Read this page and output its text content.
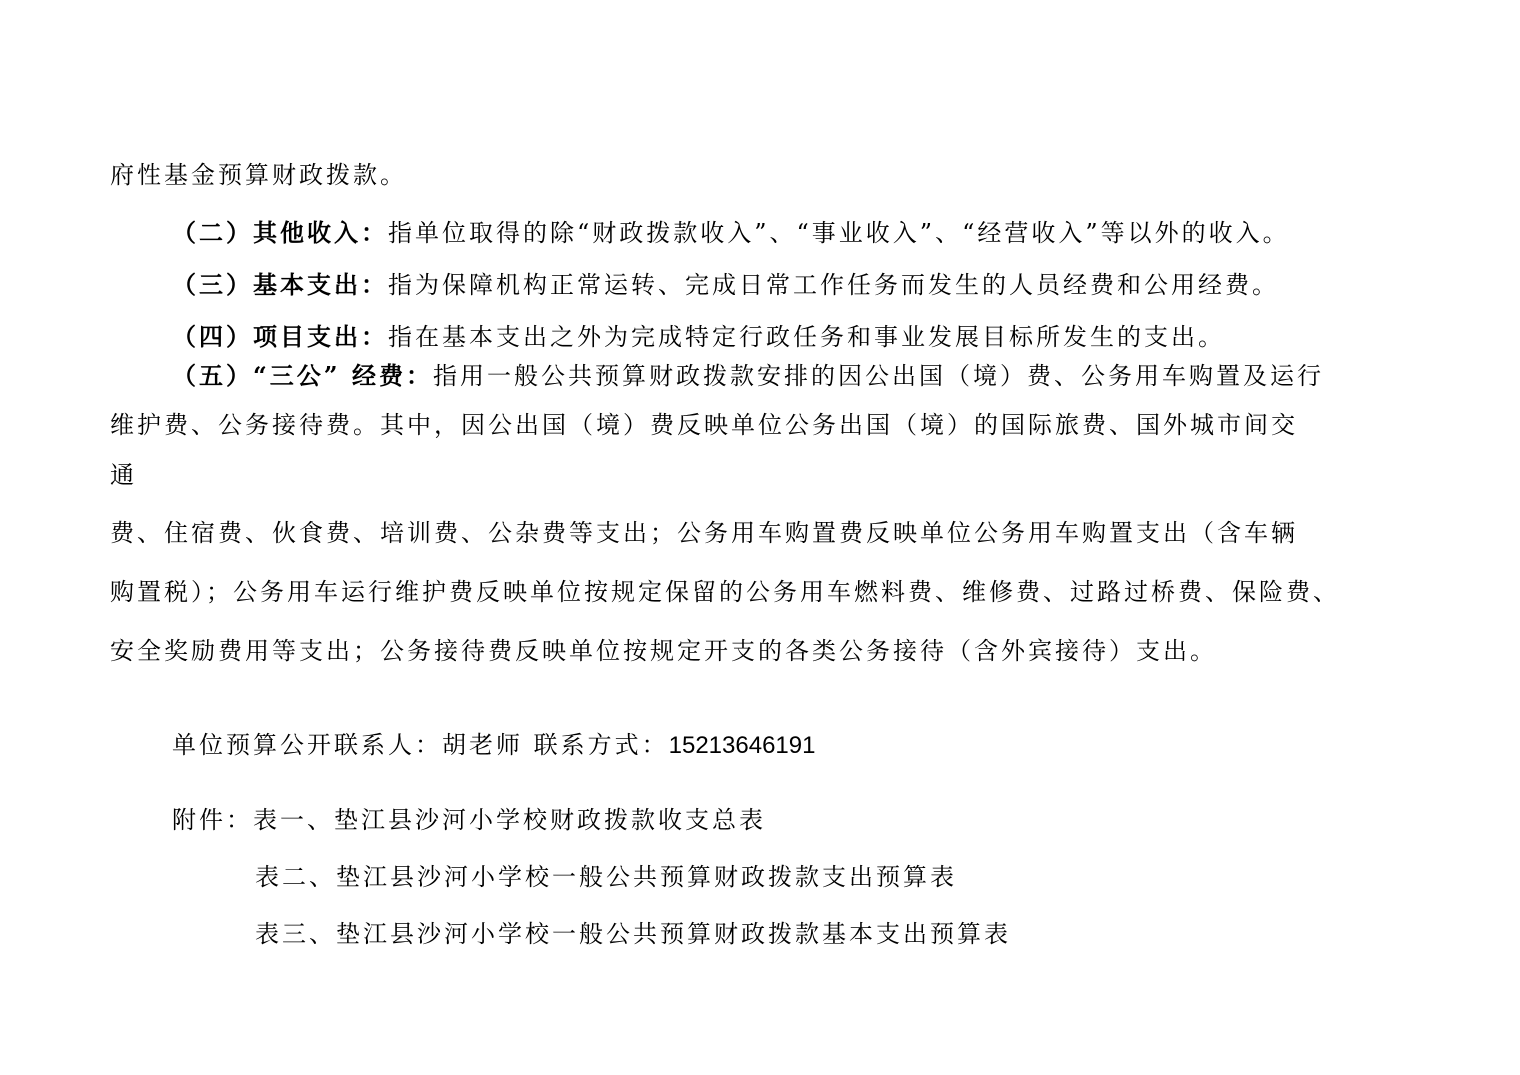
府性基金预算财政拨款。
（二）其他收入：指单位取得的除“财政拨款收入”、“事业收入”、“经营收入”等以外的收入。
（三）基本支出：指为保障机构正常运转、完成日常工作任务而发生的人员经费和公用经费。
（四）项目支出：指在基本支出之外为完成特定行政任务和事业发展目标所发生的支出。
（五）“三公” 经费：指用一般公共预算财政拨款安排的因公出国（境）费、公务用车购置及运行
维护费、公务接待费。其中，因公出国（境）费反映单位公务出国（境）的国际旅费、国外城市间交
通
费、住宿费、伙食费、培训费、公杂费等支出；公务用车购置费反映单位公务用车购置支出（含车辆
购置税）；公务用车运行维护费反映单位按规定保留的公务用车燃料费、维修费、过路过桥费、保险费、
安全奖励费用等支出；公务接待费反映单位按规定开支的各类公务接待（含外宾接待）支出。
单位预算公开联系人：胡老师 联系方式：15213646191
附件：表一、垫江县沙河小学校财政拨款收支总表
表二、垫江县沙河小学校一般公共预算财政拨款支出预算表
表三、垫江县沙河小学校一般公共预算财政拨款基本支出预算表
